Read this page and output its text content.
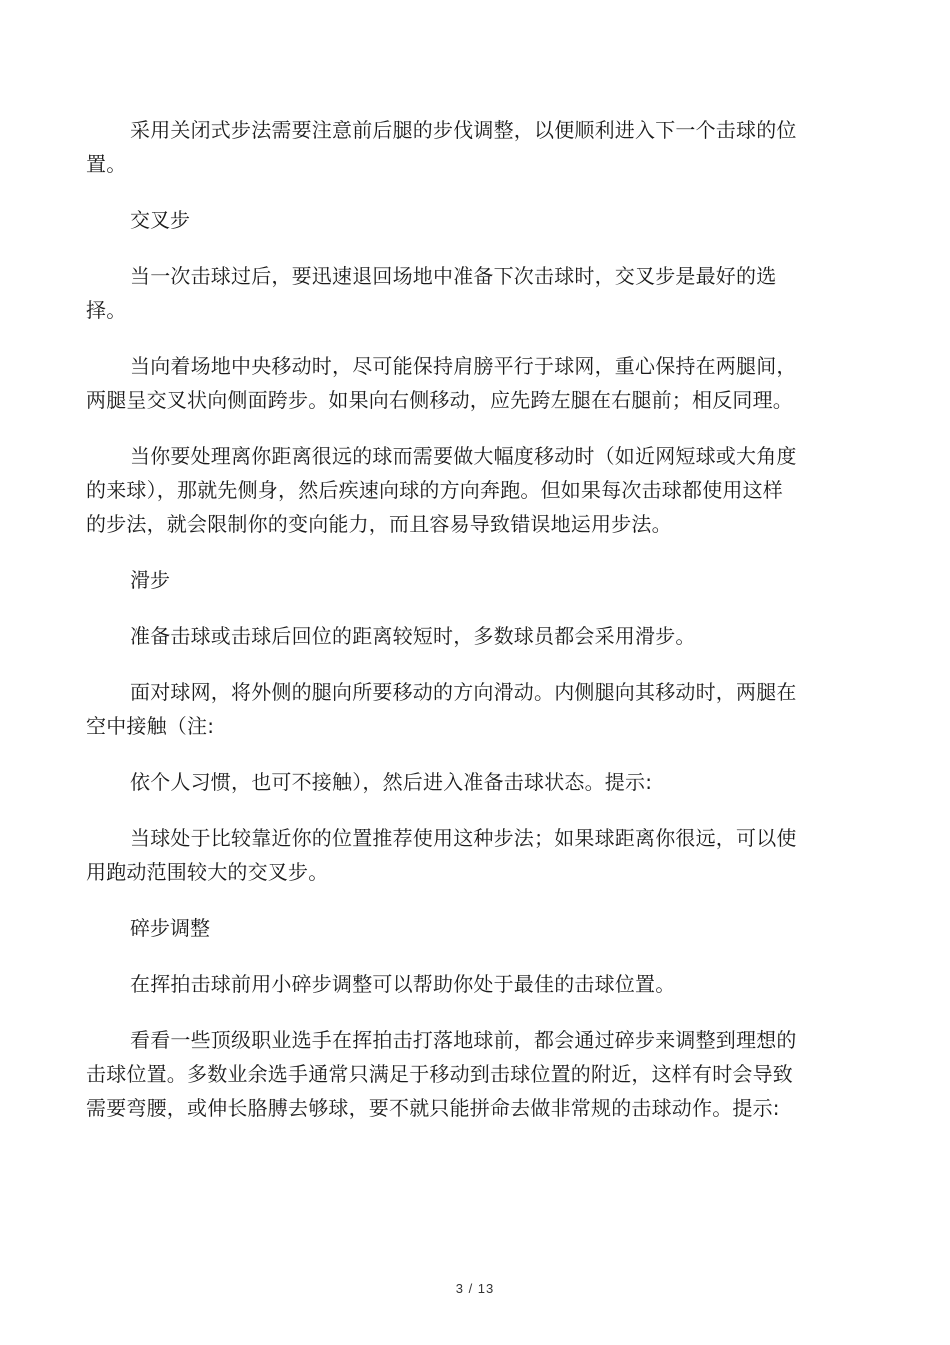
采用关闭式步法需要注意前后腿的步伐调整，以便顺利进入下一个击球的位置。

交叉步

当一次击球过后，要迅速退回场地中准备下次击球时，交叉步是最好的选择。

当向着场地中央移动时，尽可能保持肩膀平行于球网，重心保持在两腿间，两腿呈交叉状向侧面跨步。如果向右侧移动，应先跨左腿在右腿前；相反同理。

当你要处理离你距离很远的球而需要做大幅度移动时（如近网短球或大角度的来球），那就先侧身，然后疾速向球的方向奔跑。但如果每次击球都使用这样的步法，就会限制你的变向能力，而且容易导致错误地运用步法。

滑步

准备击球或击球后回位的距离较短时，多数球员都会采用滑步。

面对球网，将外侧的腿向所要移动的方向滑动。内侧腿向其移动时，两腿在空中接触（注:

依个人习惯，也可不接触），然后进入准备击球状态。提示:

当球处于比较靠近你的位置推荐使用这种步法；如果球距离你很远，可以使用跑动范围较大的交叉步。

碎步调整

在挥拍击球前用小碎步调整可以帮助你处于最佳的击球位置。

看看一些顶级职业选手在挥拍击打落地球前，都会通过碎步来调整到理想的击球位置。多数业余选手通常只满足于移动到击球位置的附近，这样有时会导致需要弯腰，或伸长胳膊去够球，要不就只能拼命去做非常规的击球动作。提示:

3 / 13
